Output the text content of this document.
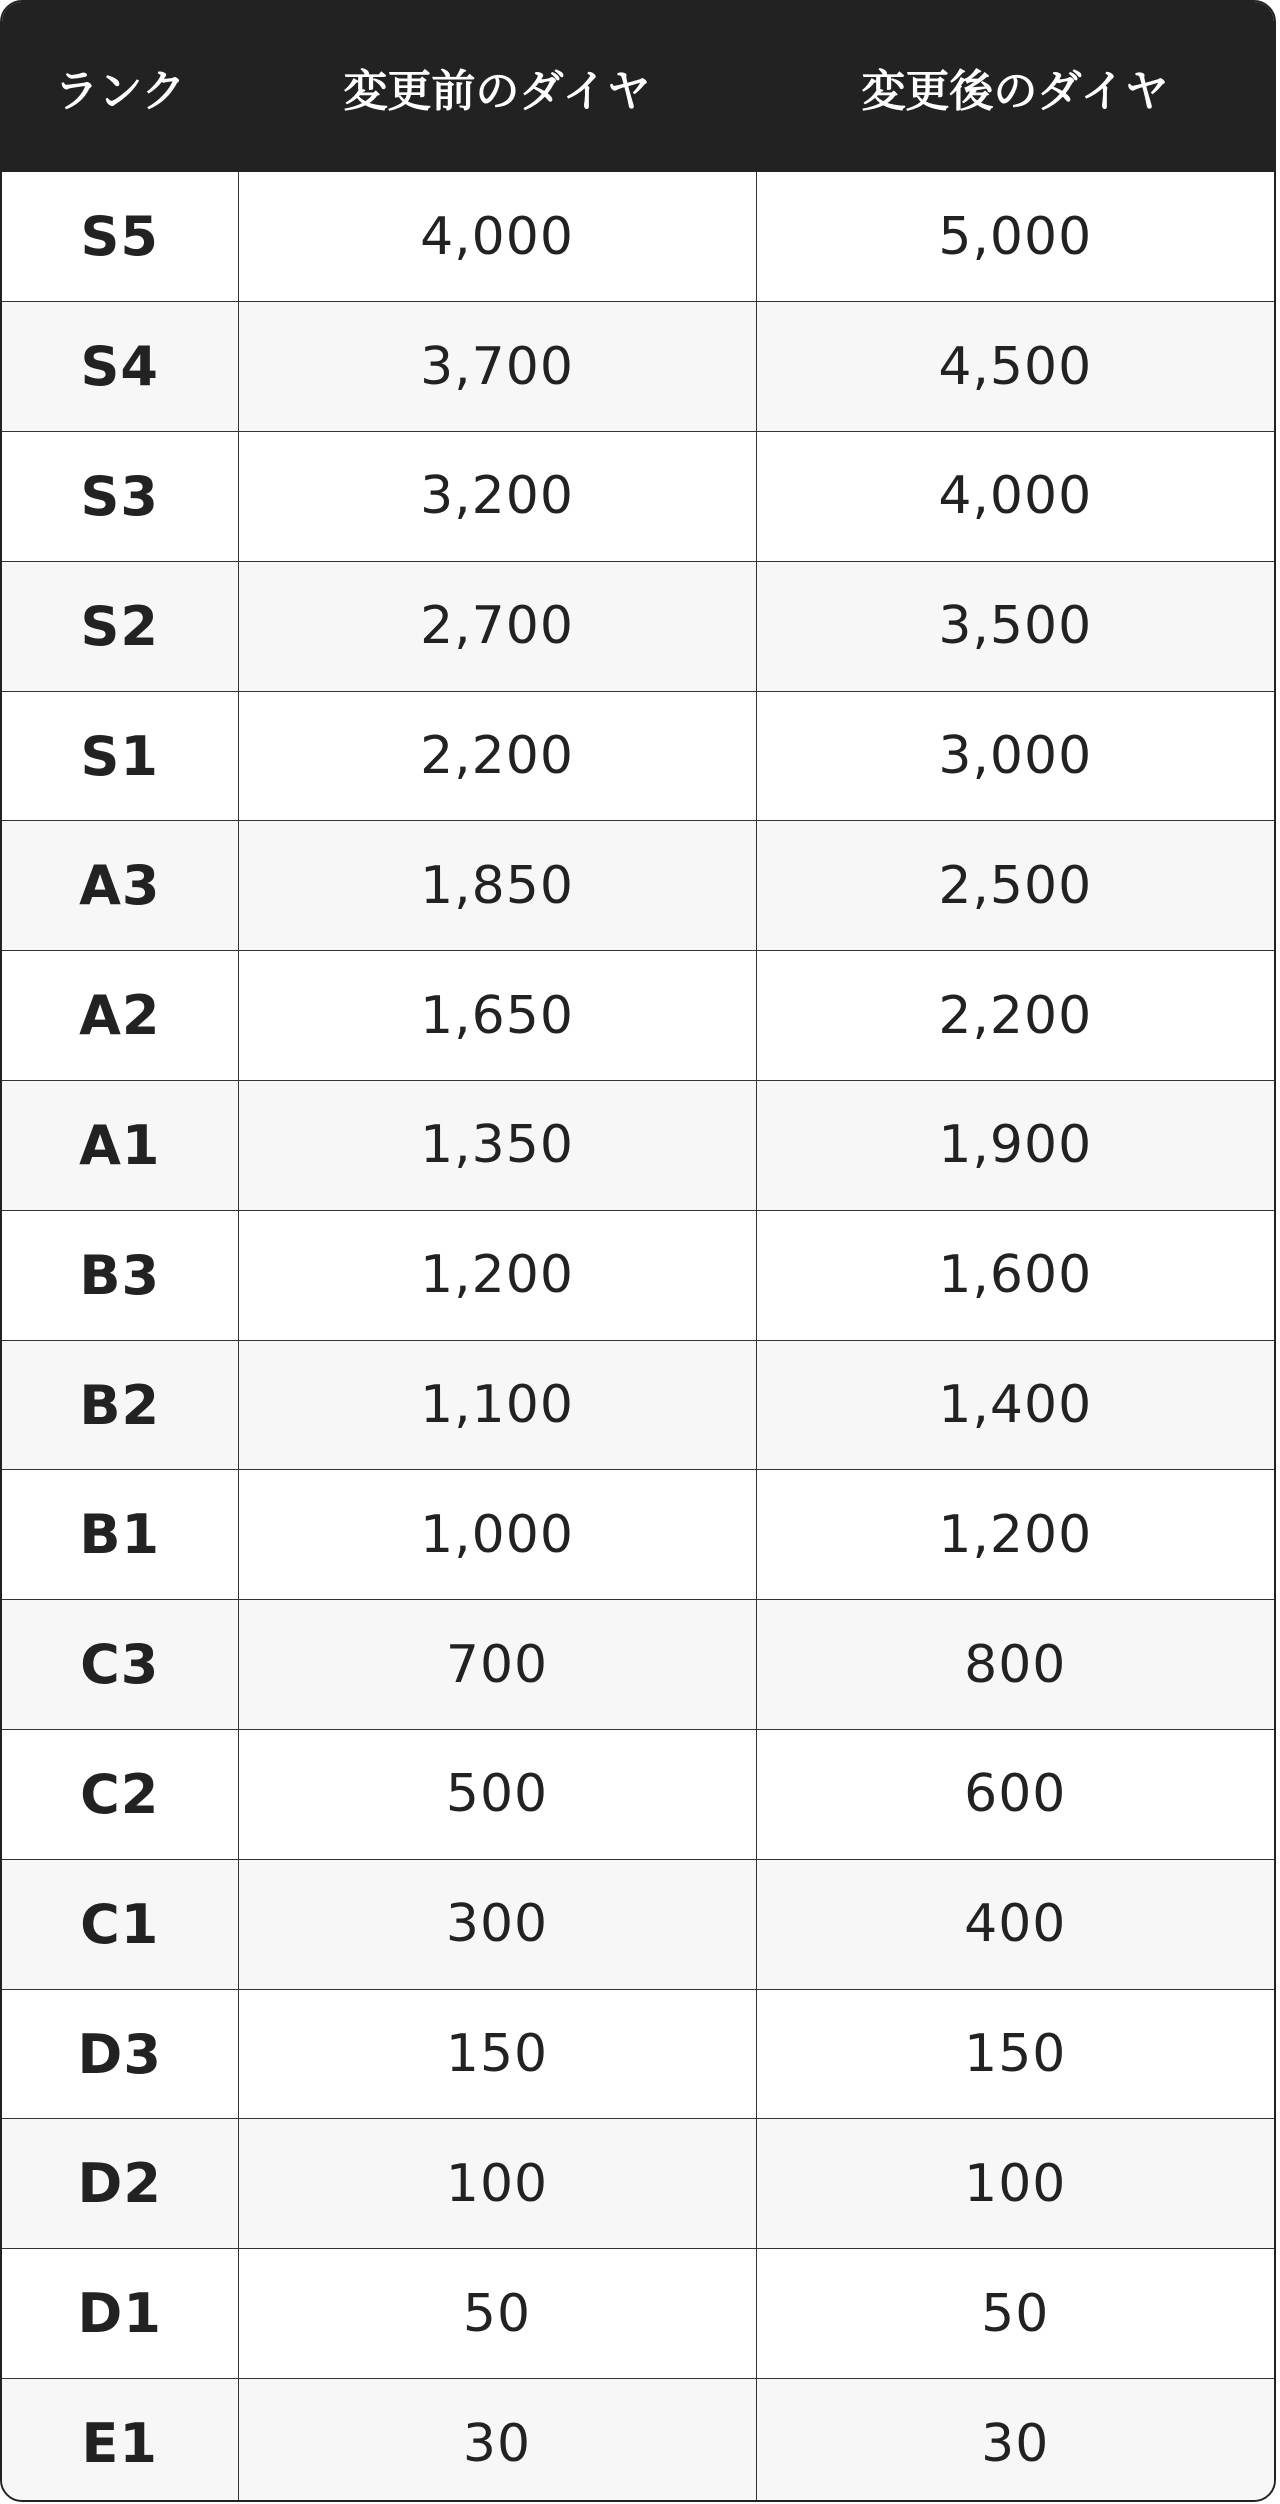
ランク	変更前のダイヤ	変更後のダイヤ
S5	4,000	5,000
S4	3,700	4,500
S3	3,200	4,000
S2	2,700	3,500
S1	2,200	3,000
A3	1,850	2,500
A2	1,650	2,200
A1	1,350	1,900
B3	1,200	1,600
B2	1,100	1,400
B1	1,000	1,200
C3	700	800
C2	500	600
C1	300	400
D3	150	150
D2	100	100
D1	50	50
E1	30	30
